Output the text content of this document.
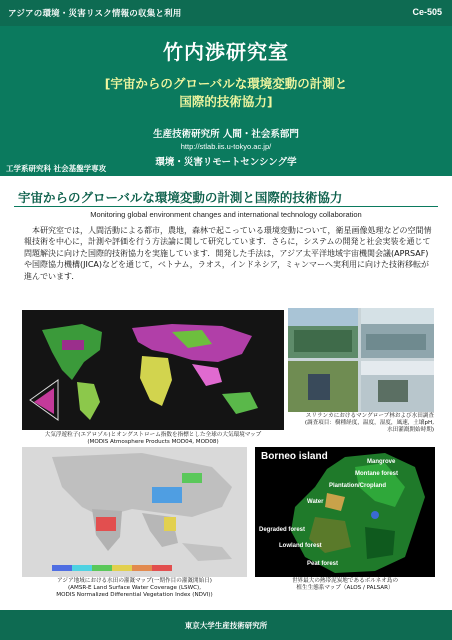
アジアの環境・災害リスク情報の収集と利用	Ce-505
竹内渉研究室
[宇宙からのグローバルな環境変動の計測と
国際的技術協力]
生産技術研究所 人間・社会系部門
http://stlab.iis.u-tokyo.ac.jp/
環境・災害リモートセンシング学
工学系研究科 社会基盤学専攻
宇宙からのグローバルな環境変動の計測と国際的技術協力
Monitoring global environment changes and international technology collaboration
本研究室では，人間活動による都市，農地，森林で起こっている環境変動について，衛星画像処理などの空間情報技術を中心に，計測や評価を行う方法論に関して研究しています．さらに，システムの開発と社会実装を通じて問題解決に向けた国際的技術協力を実施しています．開発した手法は，アジア太平洋地域宇宙機関会議(APRSAF)や国際協力機構(JICA)などを通じて，ベトナム，ラオス，インドネシア，ミャンマーへ実利用に向けた技術移転が進んでいます．
大気浮遊粒子(エアロゾル)とオングストローム指数を指標とした全球の大気環境マップ
(MODIS Atmosphere Products MOD04, MOD08)
スリランカにおけるマングローブ林および水田調査
(調査項目：樹種経度，温度，湿度，風速，土壌pH,
水田灌漑開始時期)
アジア地域における水田の灌漑マップ(一期作目の灌漑開始日)
(AMSR-E Land Surface Water Coverage (LSWC),
MODIS Normalized Differential Vegetation Index (NDVI))
Borneo island	Mangrove
Montane forest
Plantation/Cropland
Water
Degraded forest
Lowland forest
Peat forest
世界最大の熱帯泥炭地であるボルネオ島の
植生生態系マップ（ALOS / PALSAR）
東京大学生産技術研究所
